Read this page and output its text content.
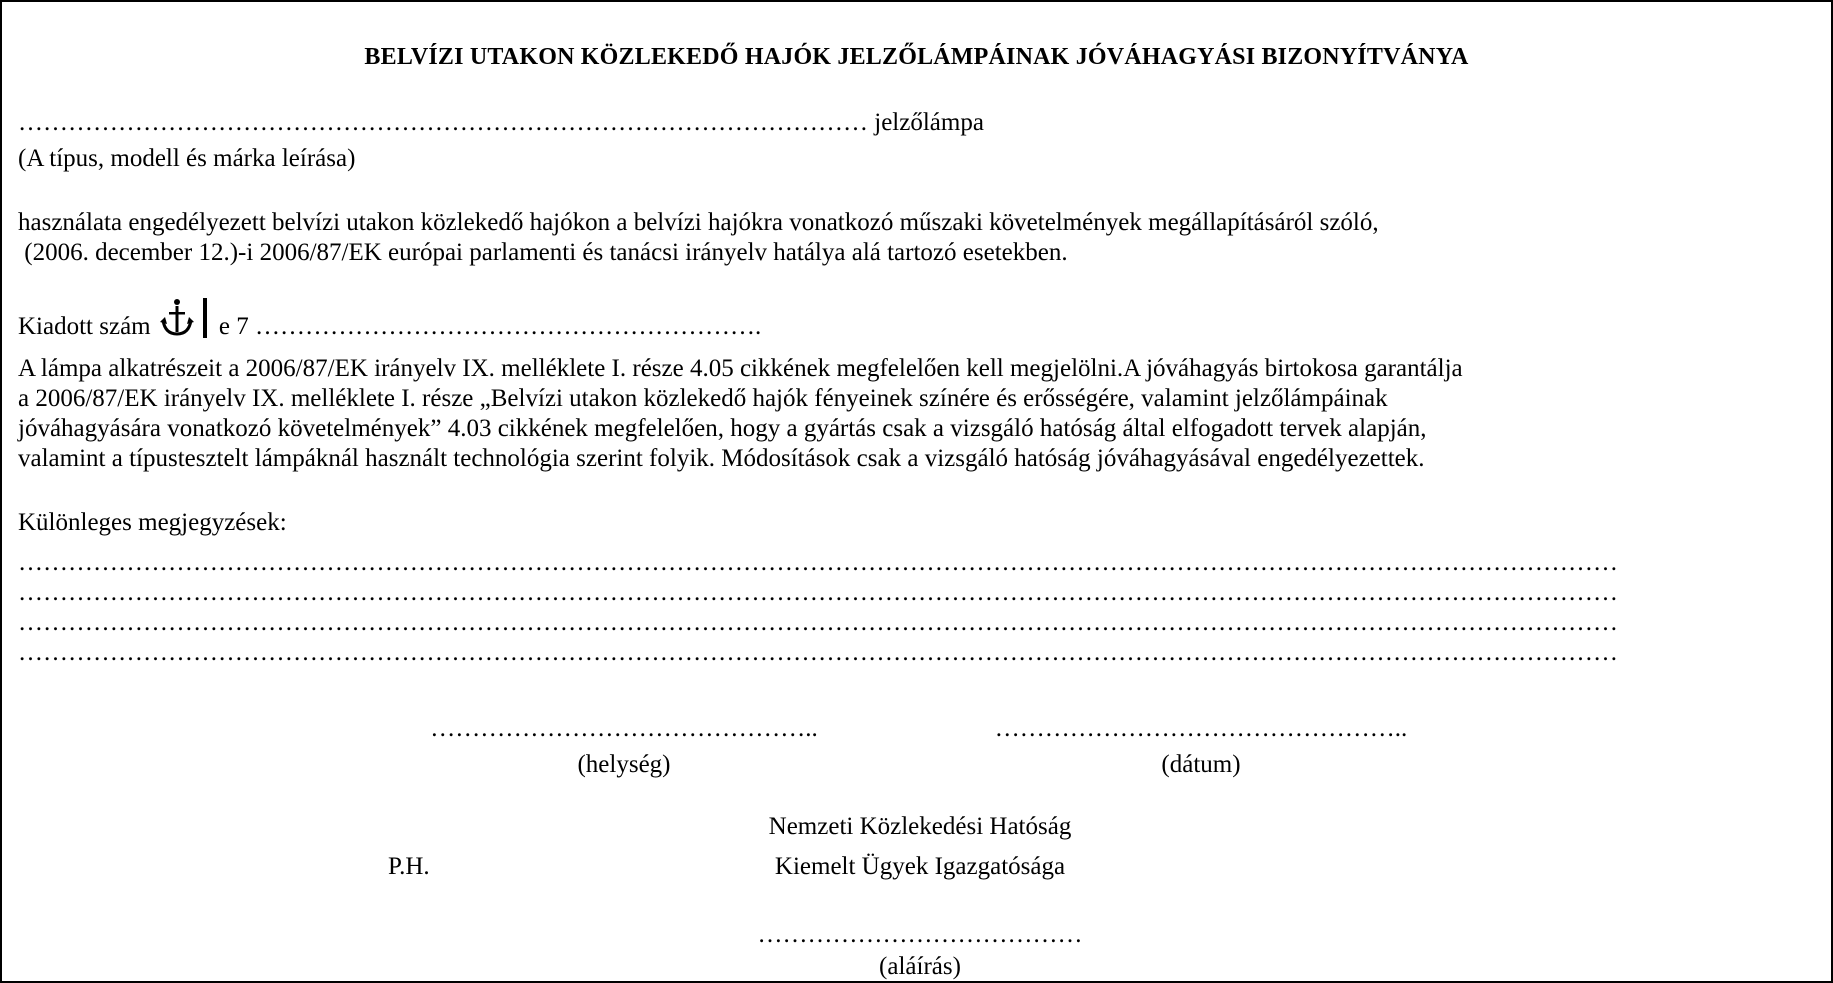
BELVÍZI UTAKON KÖZLEKEDŐ HAJÓK JELZŐLÁMPÁINAK JÓVÁHAGYÁSI BIZONYÍTVÁNYA
………………………………………………………………………………………… jelzőlámpa
(A típus, modell és márka leírása)
használata engedélyezett belvízi utakon közlekedő hajókon a belvízi hajókra vonatkozó műszaki követelmények megállapításáról szóló,
(2006. december 12.)-i 2006/87/EK európai parlamenti és tanácsi irányelv hatálya alá tartozó esetekben.
Kiadott szám	e 7 …………………………………………………….
A lámpa alkatrészeit a 2006/87/EK irányelv IX. melléklete I. része 4.05 cikkének megfelelően kell megjelölni.A jóváhagyás birtokosa garantálja
a 2006/87/EK irányelv IX. melléklete I. része „Belvízi utakon közlekedő hajók fényeinek színére és erősségére, valamint jelzőlámpáinak
jóváhagyására vonatkozó követelmények” 4.03 cikkének megfelelően, hogy a gyártás csak a vizsgáló hatóság által elfogadott tervek alapján,
valamint a típustesztelt lámpáknál használt technológia szerint folyik. Módosítások csak a vizsgáló hatóság jóváhagyásával engedélyezettek.
Különleges megjegyzések:
…………………………………………………………………………………………………………………………………………………………………………
…………………………………………………………………………………………………………………………………………………………………………
…………………………………………………………………………………………………………………………………………………………………………
…………………………………………………………………………………………………………………………………………………………………………
………………………………………..
(helység)
…………………………………………..
(dátum)
P.H.
Nemzeti Közlekedési Hatóság
Kiemelt Ügyek Igazgatósága
…………………………………
(aláírás)
